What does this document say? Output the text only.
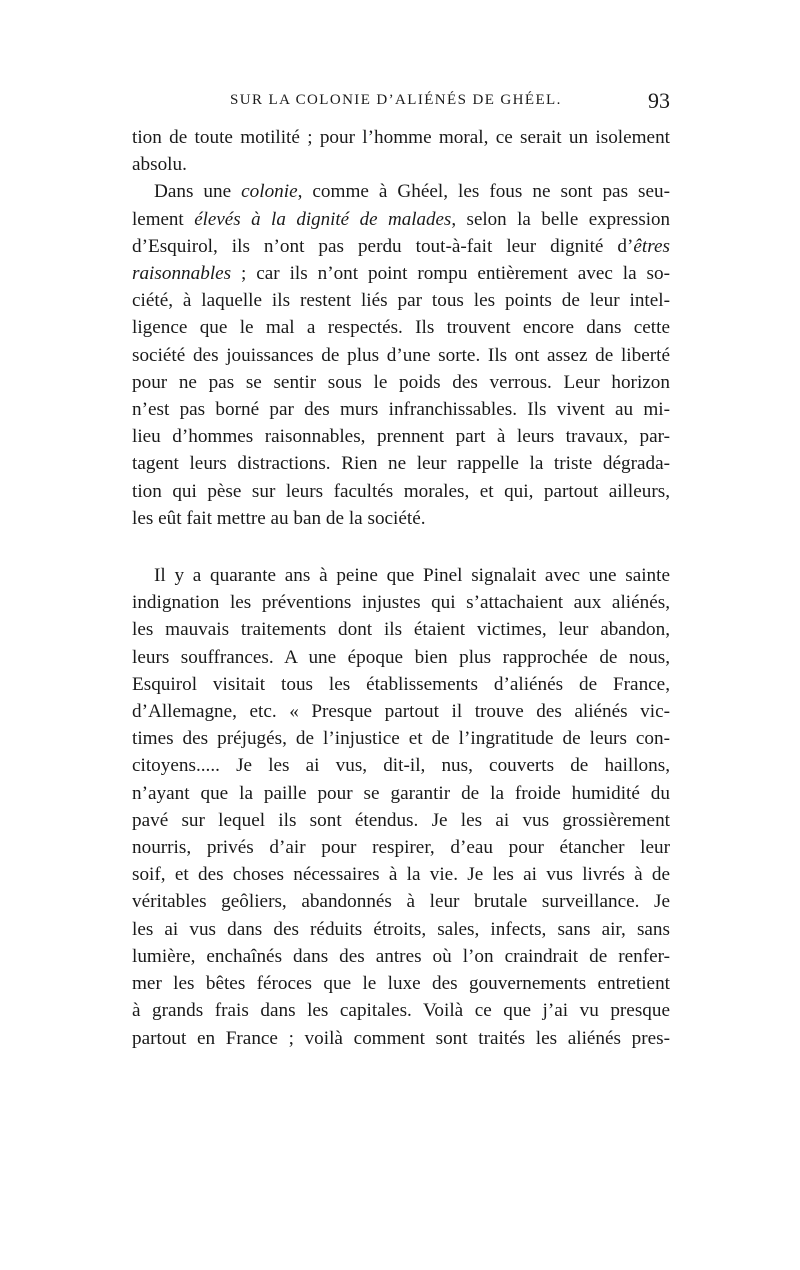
SUR LA COLONIE D’ALIÉNÉS DE GHÉEL.	93

tion de toute motilité ; pour l’homme moral, ce serait un isolement
absolu.

Dans une colonie, comme à Ghéel, les fous ne sont pas seu-
lement élevés à la dignité de malades, selon la belle expression
d’Esquirol, ils n’ont pas perdu tout-à-fait leur dignité d’êtres
raisonnables ; car ils n’ont point rompu entièrement avec la so-
ciété, à laquelle ils restent liés par tous les points de leur intel-
ligence que le mal a respectés. Ils trouvent encore dans cette
société des jouissances de plus d’une sorte. Ils ont assez de liberté
pour ne pas se sentir sous le poids des verrous. Leur horizon
n’est pas borné par des murs infranchissables. Ils vivent au mi-
lieu d’hommes raisonnables, prennent part à leurs travaux, par-
tagent leurs distractions. Rien ne leur rappelle la triste dégrada-
tion qui pèse sur leurs facultés morales, et qui, partout ailleurs,
les eût fait mettre au ban de la société.

Il y a quarante ans à peine que Pinel signalait avec une sainte
indignation les préventions injustes qui s’attachaient aux aliénés,
les mauvais traitements dont ils étaient victimes, leur abandon,
leurs souffrances. A une époque bien plus rapprochée de nous,
Esquirol visitait tous les établissements d’aliénés de France,
d’Allemagne, etc. « Presque partout il trouve des aliénés vic-
times des préjugés, de l’injustice et de l’ingratitude de leurs con-
citoyens..... Je les ai vus, dit-il, nus, couverts de haillons,
n’ayant que la paille pour se garantir de la froide humidité du
pavé sur lequel ils sont étendus. Je les ai vus grossièrement
nourris, privés d’air pour respirer, d’eau pour étancher leur
soif, et des choses nécessaires à la vie. Je les ai vus livrés à de
véritables geôliers, abandonnés à leur brutale surveillance. Je
les ai vus dans des réduits étroits, sales, infects, sans air, sans
lumière, enchaînés dans des antres où l’on craindrait de renfer-
mer les bêtes féroces que le luxe des gouvernements entretient
à grands frais dans les capitales. Voilà ce que j’ai vu presque
partout en France ; voilà comment sont traités les aliénés pres-
